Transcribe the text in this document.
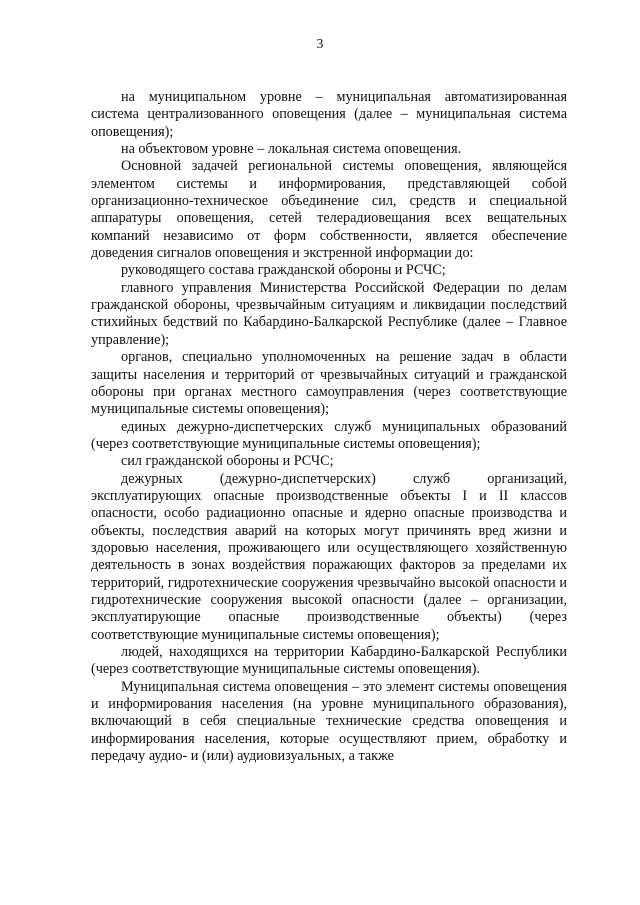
3

на муниципальном уровне – муниципальная автоматизированная система централизованного оповещения (далее – муниципальная система оповещения);

на объектовом уровне – локальная система оповещения.

Основной задачей региональной системы оповещения, являющейся элементом системы и информирования, представляющей собой организационно-техническое объединение сил, средств и специальной аппаратуры оповещения, сетей телерадиовещания всех вещательных компаний независимо от форм собственности, является обеспечение доведения сигналов оповещения и экстренной информации до:

руководящего состава гражданской обороны и РСЧС;

главного управления Министерства Российской Федерации по делам гражданской обороны, чрезвычайным ситуациям и ликвидации последствий стихийных бедствий по Кабардино-Балкарской Республике (далее – Главное управление);

органов, специально уполномоченных на решение задач в области защиты населения и территорий от чрезвычайных ситуаций и гражданской обороны при органах местного самоуправления (через соответствующие муниципальные системы оповещения);

единых дежурно-диспетчерских служб муниципальных образований (через соответствующие муниципальные системы оповещения);

сил гражданской обороны и РСЧС;

дежурных (дежурно-диспетчерских) служб организаций, эксплуатирующих опасные производственные объекты I и II классов опасности, особо радиационно опасные и ядерно опасные производства и объекты, последствия аварий на которых могут причинять вред жизни и здоровью населения, проживающего или осуществляющего хозяйственную деятельность в зонах воздействия поражающих факторов за пределами их территорий, гидротехнические сооружения чрезвычайно высокой опасности и гидротехнические сооружения высокой опасности (далее – организации, эксплуатирующие опасные производственные объекты) (через соответствующие муниципальные системы оповещения);

людей, находящихся на территории Кабардино-Балкарской Республики (через соответствующие муниципальные системы оповещения).

Муниципальная система оповещения – это элемент системы оповещения и информирования населения (на уровне муниципального образования), включающий в себя специальные технические средства оповещения и информирования населения, которые осуществляют прием, обработку и передачу аудио- и (или) аудиовизуальных, а также
